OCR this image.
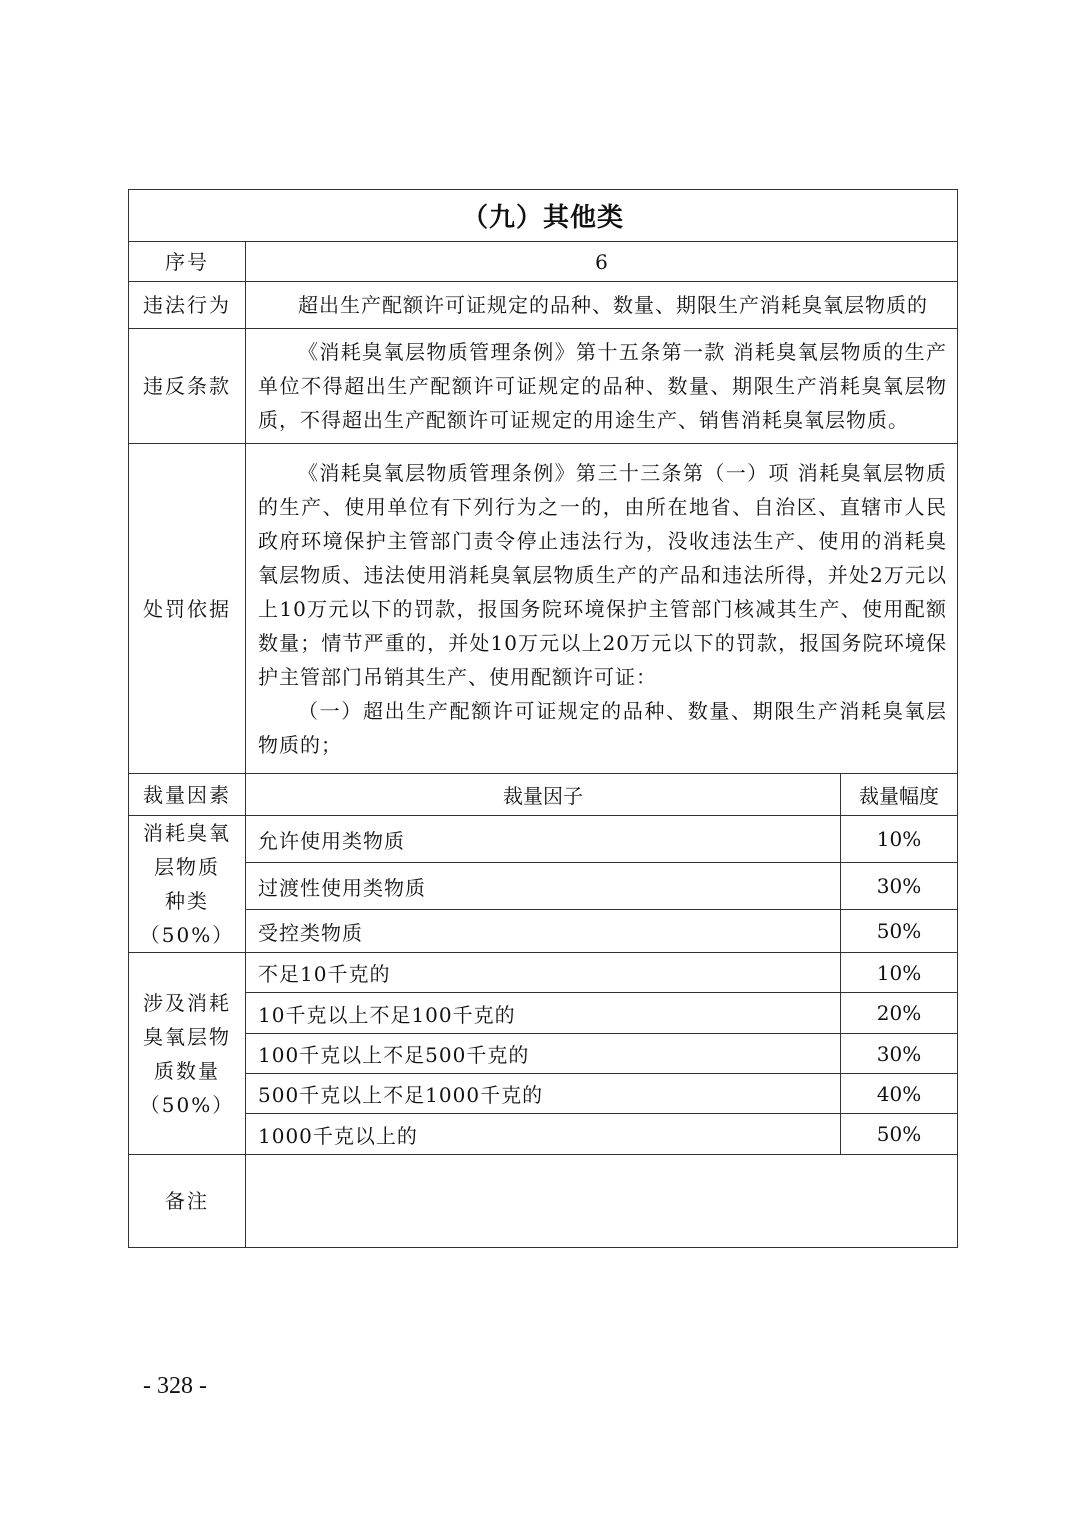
（九）其他类		
序号	6	
违法行为	超出生产配额许可证规定的品种、数量、期限生产消耗臭氧层物质的	

违反条款	《消耗臭氧层物质管理条例》第十五条第一款 消耗臭氧层物质的生产单位不得超出生产配额许可证规定的品种、数量、期限生产消耗臭氧层物质，不得超出生产配额许可证规定的用途生产、销售消耗臭氧层物质。	

处罚依据	《消耗臭氧层物质管理条例》第三十三条第（一）项 消耗臭氧层物质的生产、使用单位有下列行为之一的，由所在地省、自治区、直辖市人民政府环境保护主管部门责令停止违法行为，没收违法生产、使用的消耗臭氧层物质、违法使用消耗臭氧层物质生产的产品和违法所得，并处2万元以上10万元以下的罚款，报国务院环境保护主管部门核减其生产、使用配额数量；情节严重的，并处10万元以上20万元以下的罚款，报国务院环境保护主管部门吊销其生产、使用配额许可证：

（一）超出生产配额许可证规定的品种、数量、期限生产消耗臭氧层物质的；	

裁量因素	裁量因子	裁量幅度

消耗臭氧
层物质
种类
（50%）	允许使用类物质	10%
	过渡性使用类物质	30%
	受控类物质	50%

涉及消耗
臭氧层物
质数量
（50%）	不足10千克的	10%
	10千克以上不足100千克的	20%
	100千克以上不足500千克的	30%
	500千克以上不足1000千克的	40%
	1000千克以上的	50%
备注		
- 328 -
